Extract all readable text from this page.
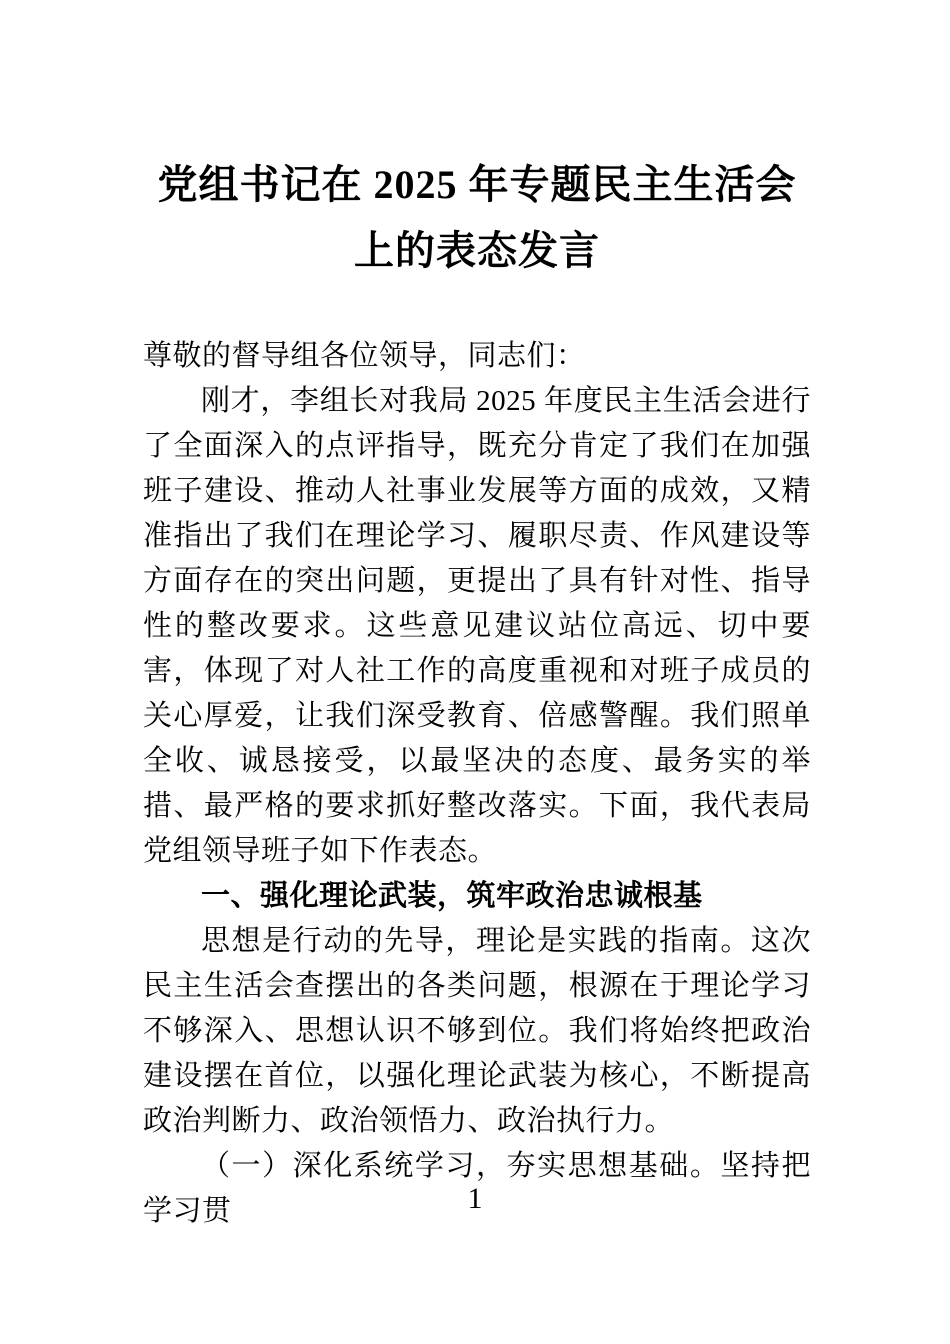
党组书记在 2025 年专题民主生活会上的表态发言

尊敬的督导组各位领导，同志们：

刚才，李组长对我局 2025 年度民主生活会进行了全面深入的点评指导，既充分肯定了我们在加强班子建设、推动人社事业发展等方面的成效，又精准指出了我们在理论学习、履职尽责、作风建设等方面存在的突出问题，更提出了具有针对性、指导性的整改要求。这些意见建议站位高远、切中要害，体现了对人社工作的高度重视和对班子成员的关心厚爱，让我们深受教育、倍感警醒。我们照单全收、诚恳接受，以最坚决的态度、最务实的举措、最严格的要求抓好整改落实。下面，我代表局党组领导班子如下作表态。

一、强化理论武装，筑牢政治忠诚根基

思想是行动的先导，理论是实践的指南。这次民主生活会查摆出的各类问题，根源在于理论学习不够深入、思想认识不够到位。我们将始终把政治建设摆在首位，以强化理论武装为核心，不断提高政治判断力、政治领悟力、政治执行力。

（一）深化系统学习，夯实思想基础。坚持把学习贯	1
